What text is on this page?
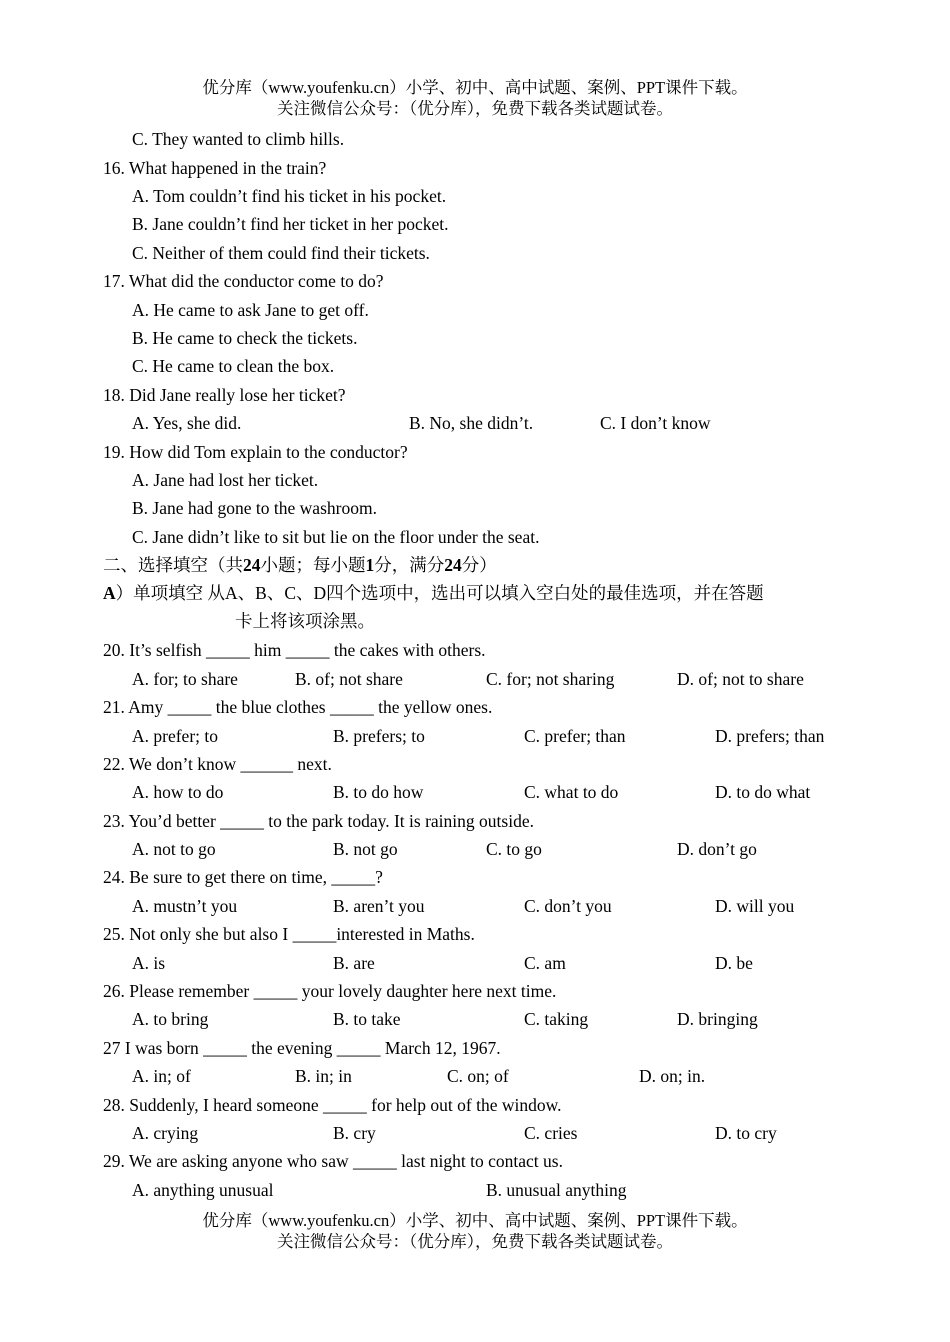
优分库（www.youfenku.cn）小学、初中、高中试题、案例、PPT课件下载。
关注微信公众号：（优分库），免费下载各类试题试卷。
C. They wanted to climb hills.
16. What happened in the train?
A. Tom couldn’t find his ticket in his pocket.
B. Jane couldn’t find her ticket in her pocket.
C. Neither of them could find their tickets.
17. What did the conductor come to do?
A. He came to ask Jane to get off.
B. He came to check the tickets.
C. He came to clean the box.
18. Did Jane really lose her ticket?
A. Yes, she did.	B. No, she didn’t.	C. I don’t know
19. How did Tom explain to the conductor?
A. Jane had lost her ticket.
B. Jane had gone to the washroom.
C. Jane didn’t like to sit but lie on the floor under the seat.
二、选择填空（共24小题；每小题1分，满分24分）
A）单项填空 从A、B、C、D四个选项中，选出可以填入空白处的最佳选项，并在答题
卡上将该项涂黑。
20. It’s selfish _____ him _____ the cakes with others.
A. for; to share	B. of; not share	C. for; not sharing	D. of; not to share
21. Amy _____ the blue clothes _____ the yellow ones.
A. prefer; to	B. prefers; to	C. prefer; than	D. prefers; than
22. We don’t know ______ next.
A. how to do	B. to do how	C. what to do	D. to do what
23. You’d better _____ to the park today. It is raining outside.
A. not to go	B. not go	C. to go	D. don’t go
24. Be sure to get there on time, _____?
A. mustn’t you	B. aren’t you	C. don’t you	D. will you
25. Not only she but also I _____interested in Maths.
A. is	B. are	C. am	D. be
26. Please remember _____ your lovely daughter here next time.
A. to bring	B. to take	C. taking	D. bringing
27 I was born _____ the evening _____ March 12, 1967.
A. in; of	B. in; in	C. on; of	D. on; in.
28. Suddenly, I heard someone _____ for help out of the window.
A. crying	B. cry	C. cries	D. to cry
29. We are asking anyone who saw _____ last night to contact us.
A. anything unusual	B. unusual anything
优分库（www.youfenku.cn）小学、初中、高中试题、案例、PPT课件下载。
关注微信公众号：（优分库），免费下载各类试题试卷。
